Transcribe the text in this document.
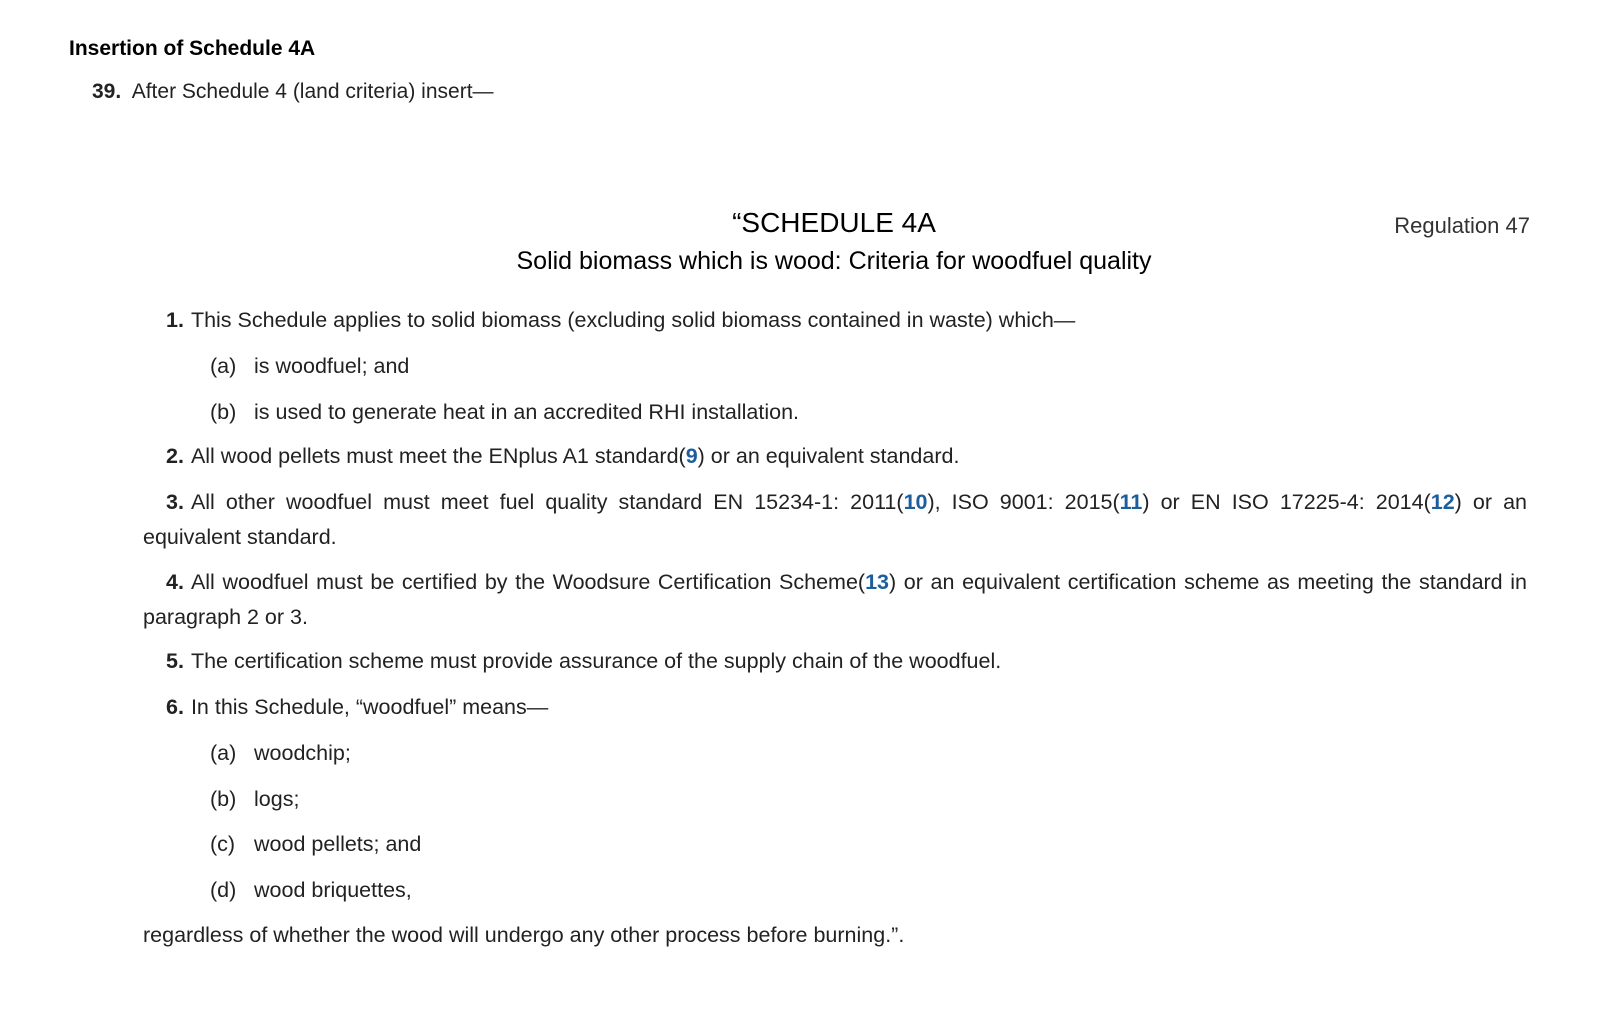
Insertion of Schedule 4A
39. After Schedule 4 (land criteria) insert—
“SCHEDULE 4A
Solid biomass which is wood: Criteria for woodfuel quality
Regulation 47
1. This Schedule applies to solid biomass (excluding solid biomass contained in waste) which—
(a) is woodfuel; and
(b) is used to generate heat in an accredited RHI installation.
2. All wood pellets must meet the ENplus A1 standard(9) or an equivalent standard.
3. All other woodfuel must meet fuel quality standard EN 15234-1: 2011(10), ISO 9001: 2015(11) or EN ISO 17225-4: 2014(12) or an equivalent standard.
4. All woodfuel must be certified by the Woodsure Certification Scheme(13) or an equivalent certification scheme as meeting the standard in paragraph 2 or 3.
5. The certification scheme must provide assurance of the supply chain of the woodfuel.
6. In this Schedule, “woodfuel” means—
(a) woodchip;
(b) logs;
(c) wood pellets; and
(d) wood briquettes,
regardless of whether the wood will undergo any other process before burning.”.
